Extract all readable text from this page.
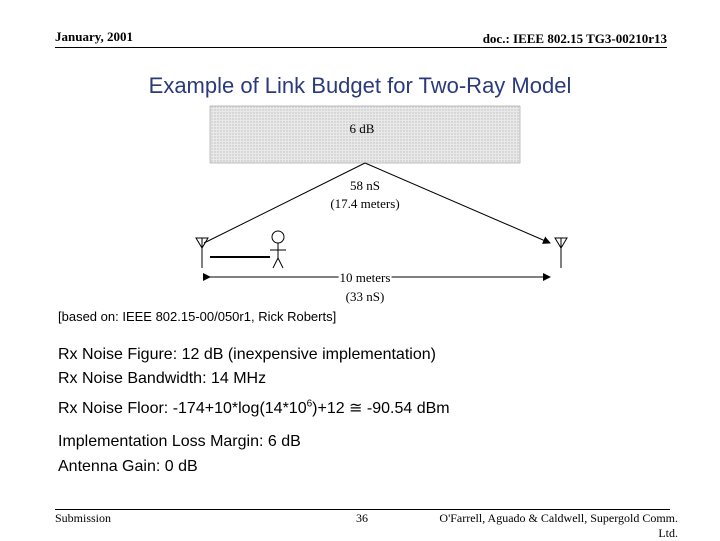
January, 2001	doc.: IEEE 802.15 TG3-00210r13
Example of Link Budget for Two-Ray Model
6 dB
58 nS
(17.4 meters)
10 meters
(33 nS)
[based on: IEEE 802.15-00/050r1, Rick Roberts]
Rx Noise Figure: 12 dB (inexpensive implementation)
Rx Noise Bandwidth: 14 MHz
Rx Noise Floor: $-174+10*\log(14*10^6)+12$ ≅ -90.54 dBm
Implementation Loss Margin: 6 dB
Antenna Gain: 0 dB
Submission	36	O'Farrell, Aguado & Caldwell, Supergold Comm.
Ltd.
